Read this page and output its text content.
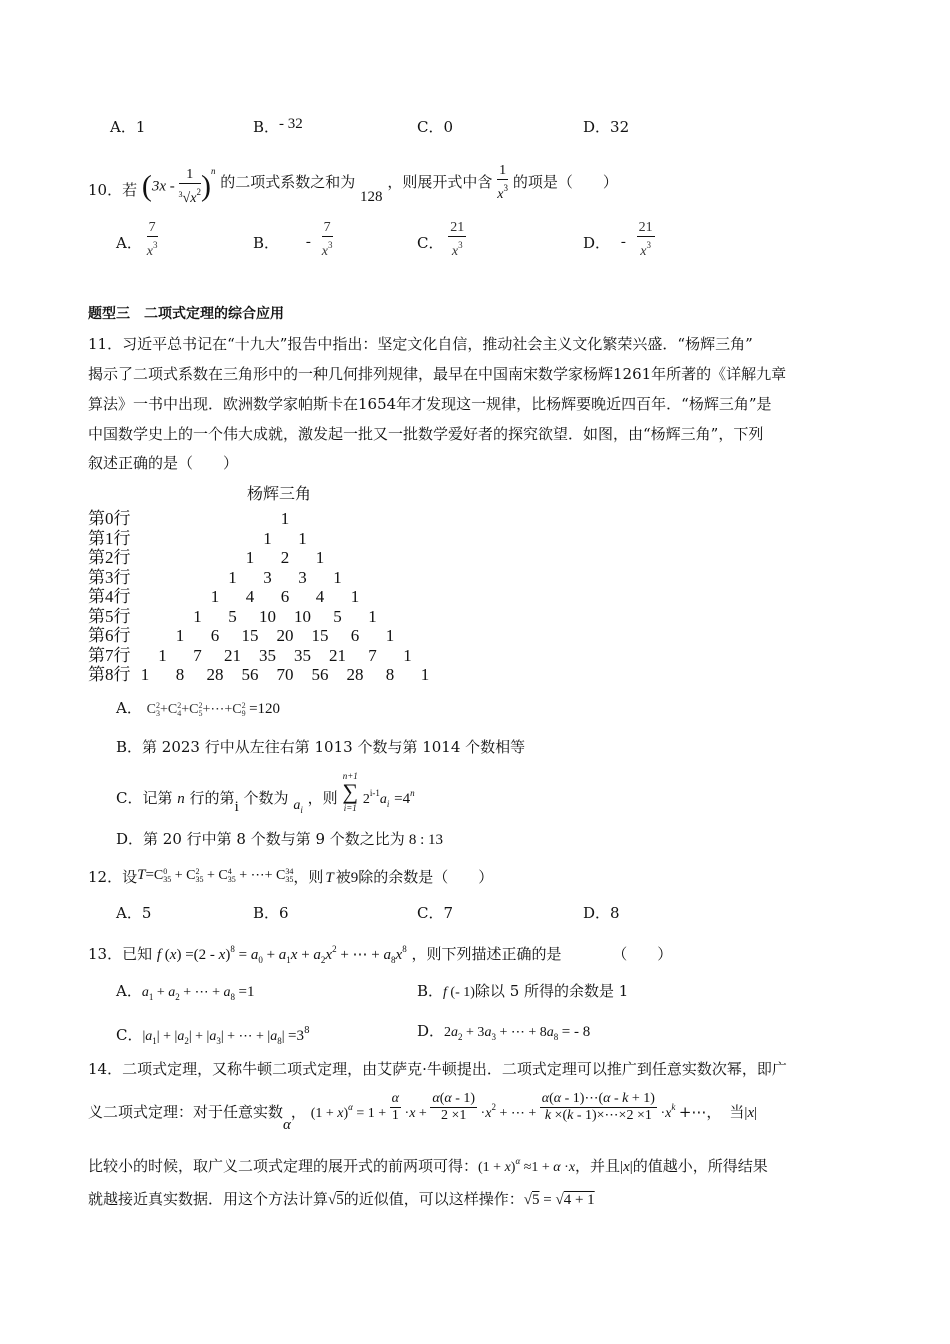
A．1	B．- 32	C．0	D．32
10．若 $(3x - \frac{1}{^3√x^2} )^n$ 的二项式系数之和为 128 ，则展开式中含 $\frac{1}{x^3}$ 的项是（　　）
A． $\frac{7}{x^3}$	B． - $\frac{7}{x^3}$	C． $\frac{21}{x^3}$	D． - $\frac{21}{x^3}$
题型三　二项式定理的综合应用
11．习近平总书记在“十九大”报告中指出：坚定文化自信，推动社会主义文化繁荣兴盛．“杨辉三角”
揭示了二项式系数在三角形中的一种几何排列规律，最早在中国南宋数学家杨辉1261年所著的《详解九章
算法》一书中出现．欧洲数学家帕斯卡在1654年才发现这一规律，比杨辉要晚近四百年．“杨辉三角”是
中国数学史上的一个伟大成就，激发起一批又一批数学爱好者的探究欲望．如图，由“杨辉三角”，下列
叙述正确的是（　　）
杨辉三角
第0行	1
第1行	1 1
第2行	1 2 1
第3行	1 3 3 1
第4行	1 4 6 4 1
第5行	1 5 10 10 5 1
第6行	1 6 15 20 15 6 1
第7行 1 7 21 35 35 21 7 1
第8行 1 8 28 56 70 56 28 8 1
A． C 2
3 +C 2
4 +C 2
5 +⋯+C 2
9 =120
B．第 2023 行中从左往右第 1013 个数与第 1014 个数相等
C．记第 n 行的第i 个数为 $a_i$ ，则
n+1
∑
i=1
$2^{i-1}a_i =4_n$
D．第 20 行中第 8 个数与第 9 个数之比为 8 : 13
12．设T=C 0
35 + C 2
35 + C 4
35 + ⋯+ C 34
35 ，则 T 被9除的余数是（　　）
A．5	B．6	C．7	D．8
13．已知 f $(x) =(2 - x)^8 = a_0 + a_1x + a_2x^2$ + ⋯ + $a_8x^8$ ，则下列描述正确的是	（　　）
A．$a_1 + a_2$ + ⋯ + $a_8 =1$	B．f (- 1)除以 5 所得的余数是 1
C．$|a_1| + |a_2| + |a_3|$ + ⋯ + $|a_8| =3^8$	D．$2a_2 + 3a_3$ + ⋯ + $8a_8$ = - 8
14．二项式定理，又称牛顿二项式定理，由艾萨克·牛顿提出．二项式定理可以推广到任意实数次幂，即广
义二项式定理：对于任意实数α， $(1 + x)^\alpha = 1 + \frac{\alpha}{1} \cdot x + \frac{\alpha(\alpha - 1)}{2 \times 1} \cdot x^2$ + ⋯ + $\frac{\alpha(\alpha - 1)\cdots(\alpha - k + 1)}{k \times(k - 1)\times\cdots\times 2 \times 1} \cdot x^k$ +⋯， 当|x|
比较小的时候，取广义二项式定理的展开式的前两项可得：$(1 + x)^\alpha \approx 1 + \alpha \cdot x$，并且|x|的值越小，所得结果
就越接近真实数据．用这个方法计算√5的近似值，可以这样操作：√5 = √4 + 1
